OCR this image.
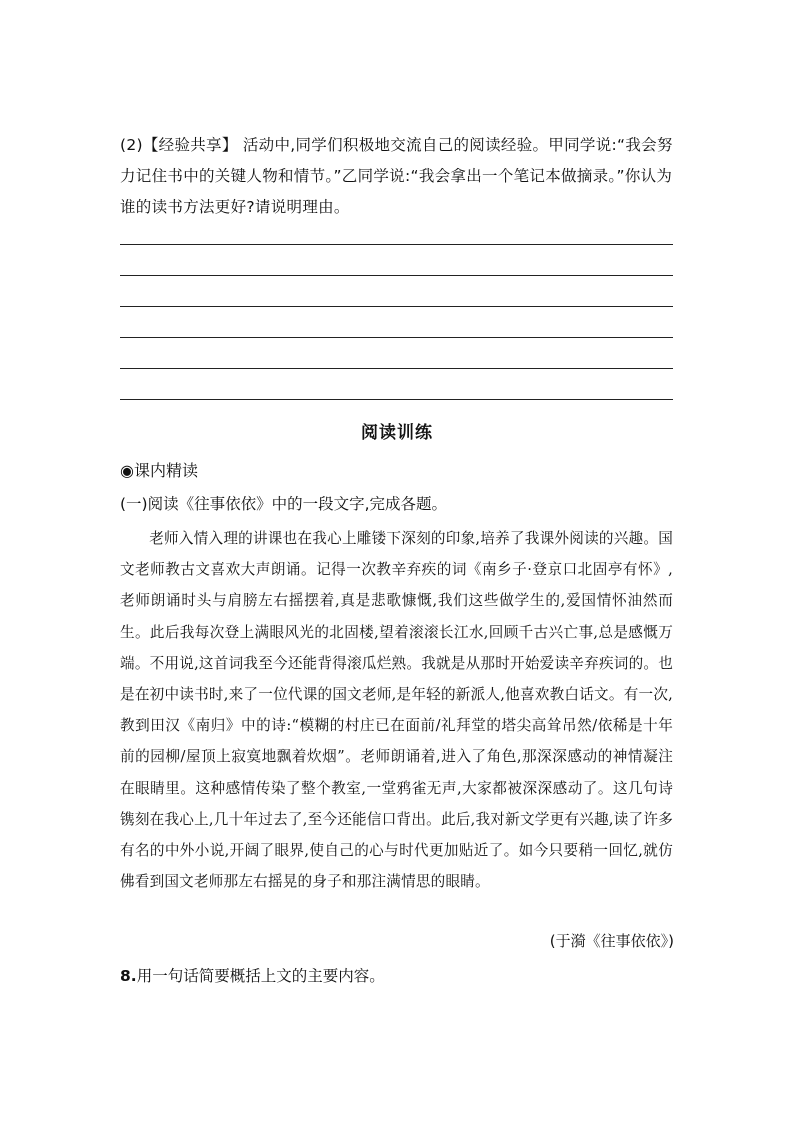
(2)【经验共享】 活动中,同学们积极地交流自己的阅读经验。甲同学说:“我会努力记住书中的关键人物和情节。”乙同学说:“我会拿出一个笔记本做摘录。”你认为谁的读书方法更好?请说明理由。
阅读训练
◉课内精读
(一)阅读《往事依依》中的一段文字,完成各题。
老师入情入理的讲课也在我心上雕镂下深刻的印象,培养了我课外阅读的兴趣。国文老师教古文喜欢大声朗诵。记得一次教辛弃疾的词《南乡子·登京口北固亭有怀》,老师朗诵时头与肩膀左右摇摆着,真是悲歌慷慨,我们这些做学生的,爱国情怀油然而生。此后我每次登上满眼风光的北固楼,望着滚滚长江水,回顾千古兴亡事,总是感慨万端。不用说,这首词我至今还能背得滚瓜烂熟。我就是从那时开始爱读辛弃疾词的。也是在初中读书时,来了一位代课的国文老师,是年轻的新派人,他喜欢教白话文。有一次,教到田汉《南归》中的诗:“模糊的村庄已在面前/礼拜堂的塔尖高耸吊然/依稀是十年前的园柳/屋顶上寂寞地飘着炊烟”。老师朗诵着,进入了角色,那深深感动的神情凝注在眼睛里。这种感情传染了整个教室,一堂鸦雀无声,大家都被深深感动了。这几句诗镌刻在我心上,几十年过去了,至今还能信口背出。此后,我对新文学更有兴趣,读了许多有名的中外小说,开阔了眼界,使自己的心与时代更加贴近了。如今只要稍一回忆,就仿佛看到国文老师那左右摇晃的身子和那注满情思的眼睛。
(于漪《往事依依》)
8.用一句话简要概括上文的主要内容。
